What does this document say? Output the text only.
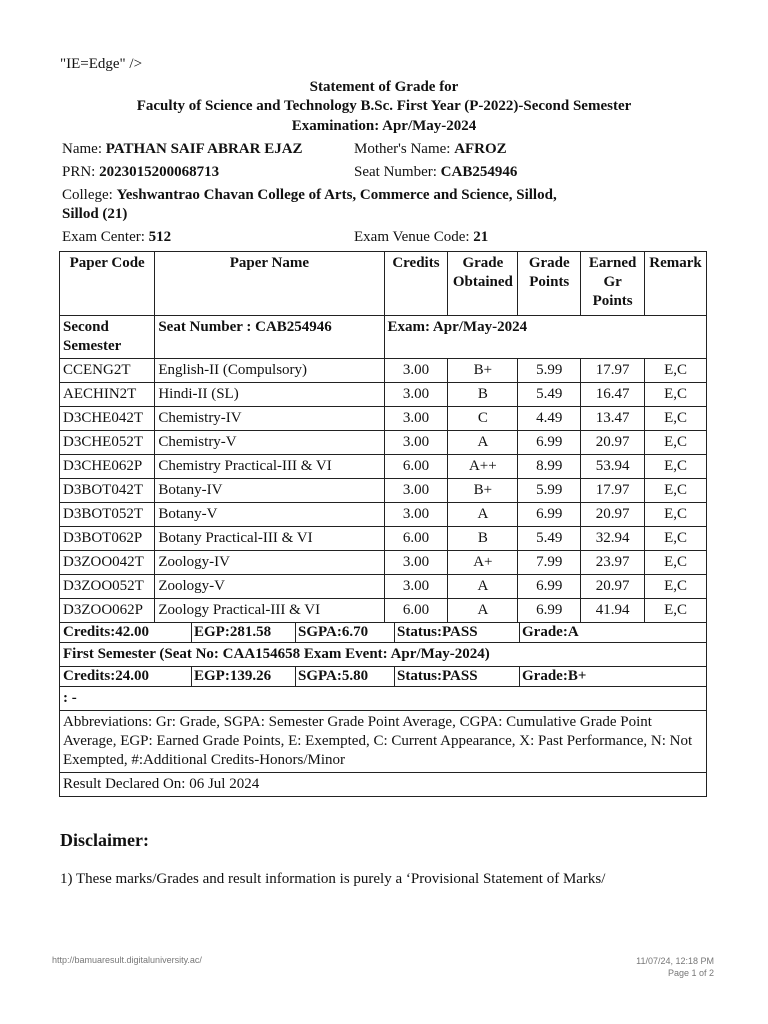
"IE=Edge" />
Statement of Grade for
Faculty of Science and Technology B.Sc. First Year (P-2022)-Second Semester
Examination: Apr/May-2024
Name: PATHAN SAIF ABRAR EJAZ	Mother's Name: AFROZ
PRN: 2023015200068713	Seat Number: CAB254946
College: Yeshwantrao Chavan College of Arts, Commerce and Science, Sillod,
Sillod (21)
Exam Center: 512	Exam Venue Code: 21
Paper Code	Paper Name	Credits	Grade Obtained	Grade Points	Earned Gr Points	Remark
Second Semester	Seat Number : CAB254946	Exam: Apr/May-2024				
CCENG2T	English-II (Compulsory)	3.00	B+	5.99	17.97	E,C
AECHIN2T	Hindi-II (SL)	3.00	B	5.49	16.47	E,C
D3CHE042T	Chemistry-IV	3.00	C	4.49	13.47	E,C
D3CHE052T	Chemistry-V	3.00	A	6.99	20.97	E,C
D3CHE062P	Chemistry Practical-III & VI	6.00	A++	8.99	53.94	E,C
D3BOT042T	Botany-IV	3.00	B+	5.99	17.97	E,C
D3BOT052T	Botany-V	3.00	A	6.99	20.97	E,C
D3BOT062P	Botany Practical-III & VI	6.00	B	5.49	32.94	E,C
D3ZOO042T	Zoology-IV	3.00	A+	7.99	23.97	E,C
D3ZOO052T	Zoology-V	3.00	A	6.99	20.97	E,C
D3ZOO062P	Zoology Practical-III & VI	6.00	A	6.99	41.94	E,C

Credits:42.00 EGP:281.58 SGPA:6.70 Status:PASS Grade:A						

First Semester (Seat No: CAA154658 Exam Event: Apr/May-2024)						

Credits:24.00 EGP:139.26 SGPA:5.80 Status:PASS Grade:B+						

: -						
Abbreviations: Gr: Grade, SGPA: Semester Grade Point Average, CGPA: Cumulative Grade Point Average, EGP: Earned Grade Points, E: Exempted, C: Current Appearance, X: Past Performance, N: Not Exempted, #:Additional Credits-Honors/Minor						
Result Declared On: 06 Jul 2024						
Disclaimer:
1) These marks/Grades and result information is purely a ‘Provisional Statement of Marks/
http://bamuaresult.digitaluniversity.ac/	11/07/24, 12:18 PM
Page 1 of 2
